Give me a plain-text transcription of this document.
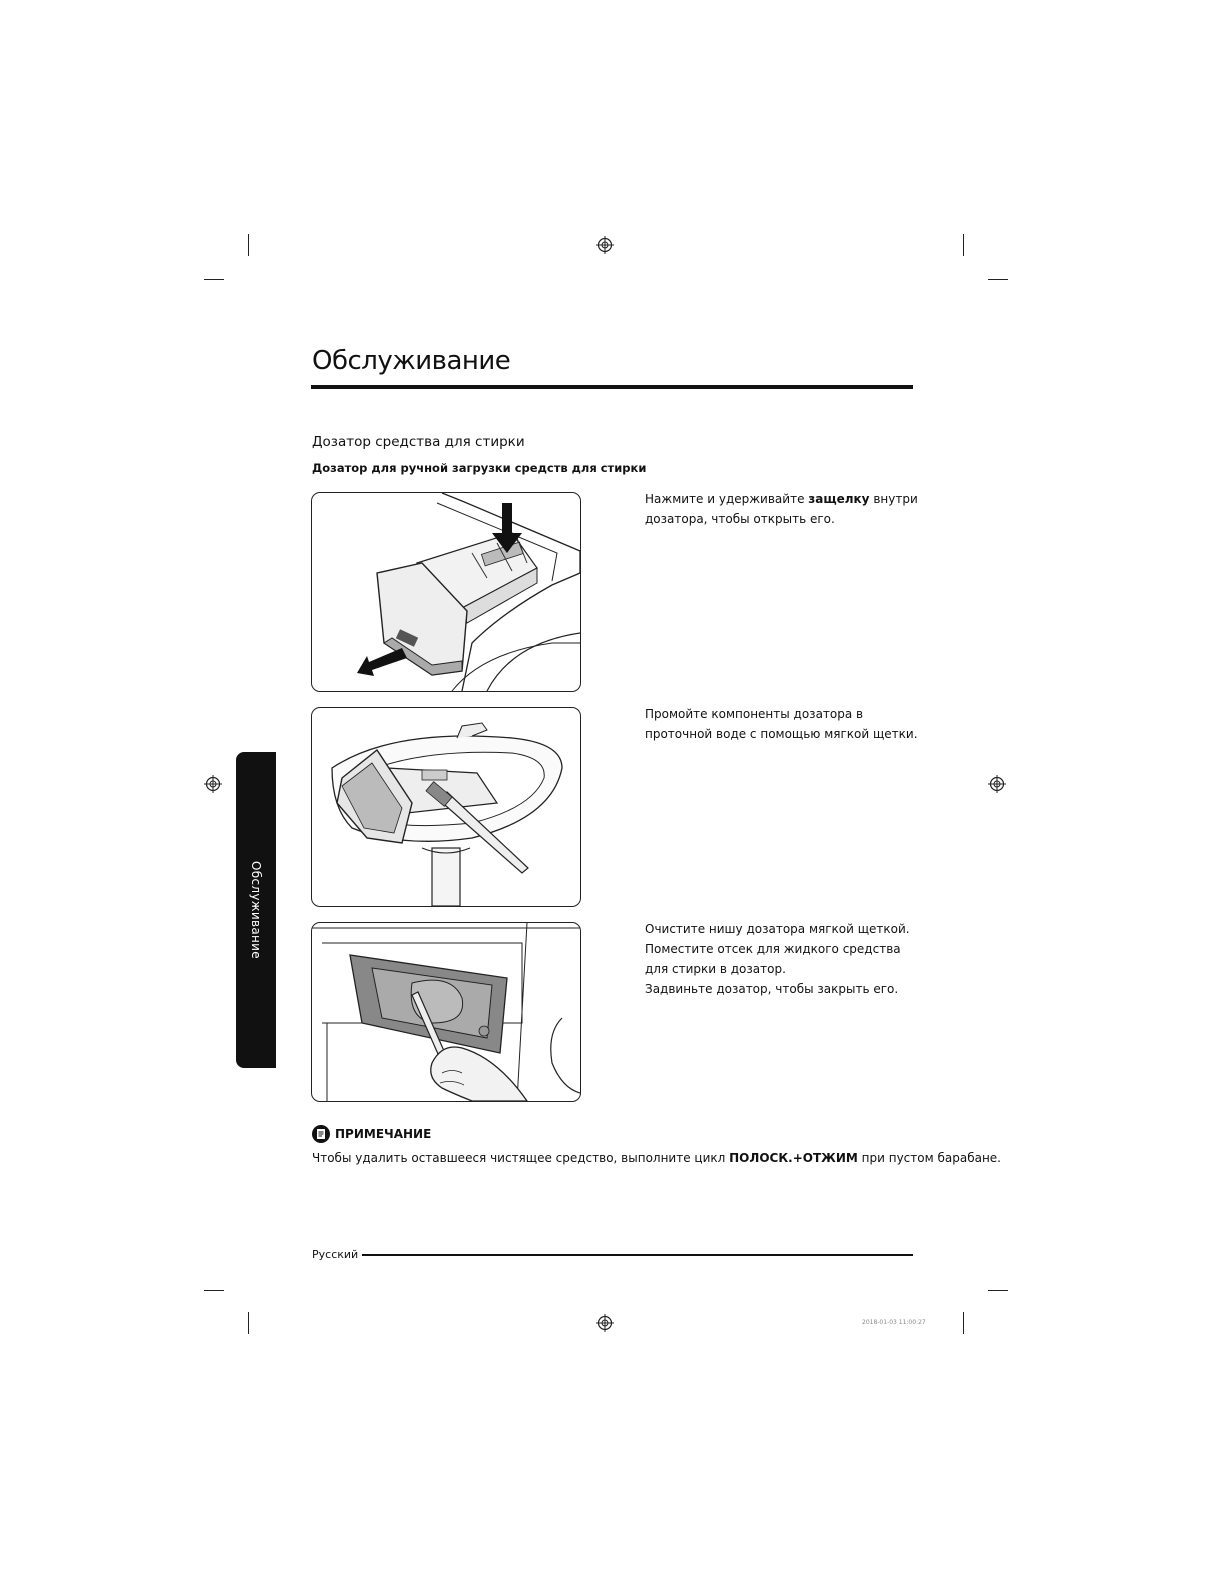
Обслуживание
Дозатор средства для стирки
Дозатор для ручной загрузки средств для стирки

Нажмите и удерживайте защелку внутри дозатора, чтобы открыть его.

Промойте компоненты дозатора в проточной воде с помощью мягкой щетки.

Очистите нишу дозатора мягкой щеткой.

Поместите отсек для жидкого средства для стирки в дозатор.

Задвиньте дозатор, чтобы закрыть его.

Обслуживание
ПРИМЕЧАНИЕ
Чтобы удалить оставшееся чистящее средство, выполните цикл ПОЛОСК.+ОТЖИМ при пустом барабане.
Русский
2018-01-03 11:00:27
